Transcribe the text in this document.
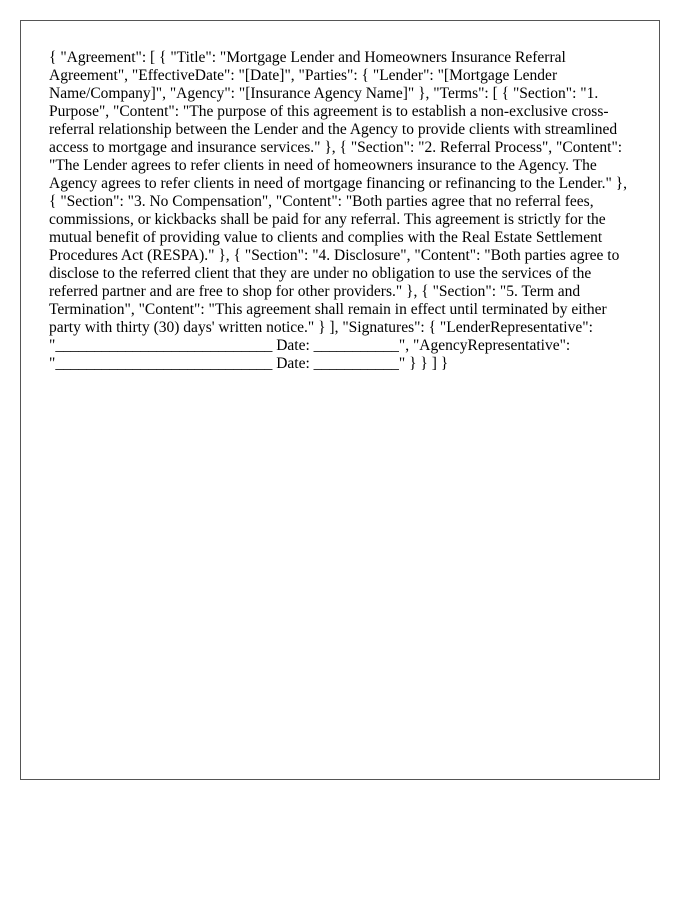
{ "Agreement": [ { "Title": "Mortgage Lender and Homeowners Insurance Referral Agreement", "EffectiveDate": "[Date]", "Parties": { "Lender": "[Mortgage Lender Name/Company]", "Agency": "[Insurance Agency Name]" }, "Terms": [ { "Section": "1. Purpose", "Content": "The purpose of this agreement is to establish a non-exclusive cross-referral relationship between the Lender and the Agency to provide clients with streamlined access to mortgage and insurance services." }, { "Section": "2. Referral Process", "Content": "The Lender agrees to refer clients in need of homeowners insurance to the Agency. The Agency agrees to refer clients in need of mortgage financing or refinancing to the Lender." }, { "Section": "3. No Compensation", "Content": "Both parties agree that no referral fees, commissions, or kickbacks shall be paid for any referral. This agreement is strictly for the mutual benefit of providing value to clients and complies with the Real Estate Settlement Procedures Act (RESPA)." }, { "Section": "4. Disclosure", "Content": "Both parties agree to disclose to the referred client that they are under no obligation to use the services of the referred partner and are free to shop for other providers." }, { "Section": "5. Term and Termination", "Content": "This agreement shall remain in effect until terminated by either party with thirty (30) days' written notice." } ], "Signatures": { "LenderRepresentative": "____________________________ Date: ___________", "AgencyRepresentative": "____________________________ Date: ___________" } } ] }
